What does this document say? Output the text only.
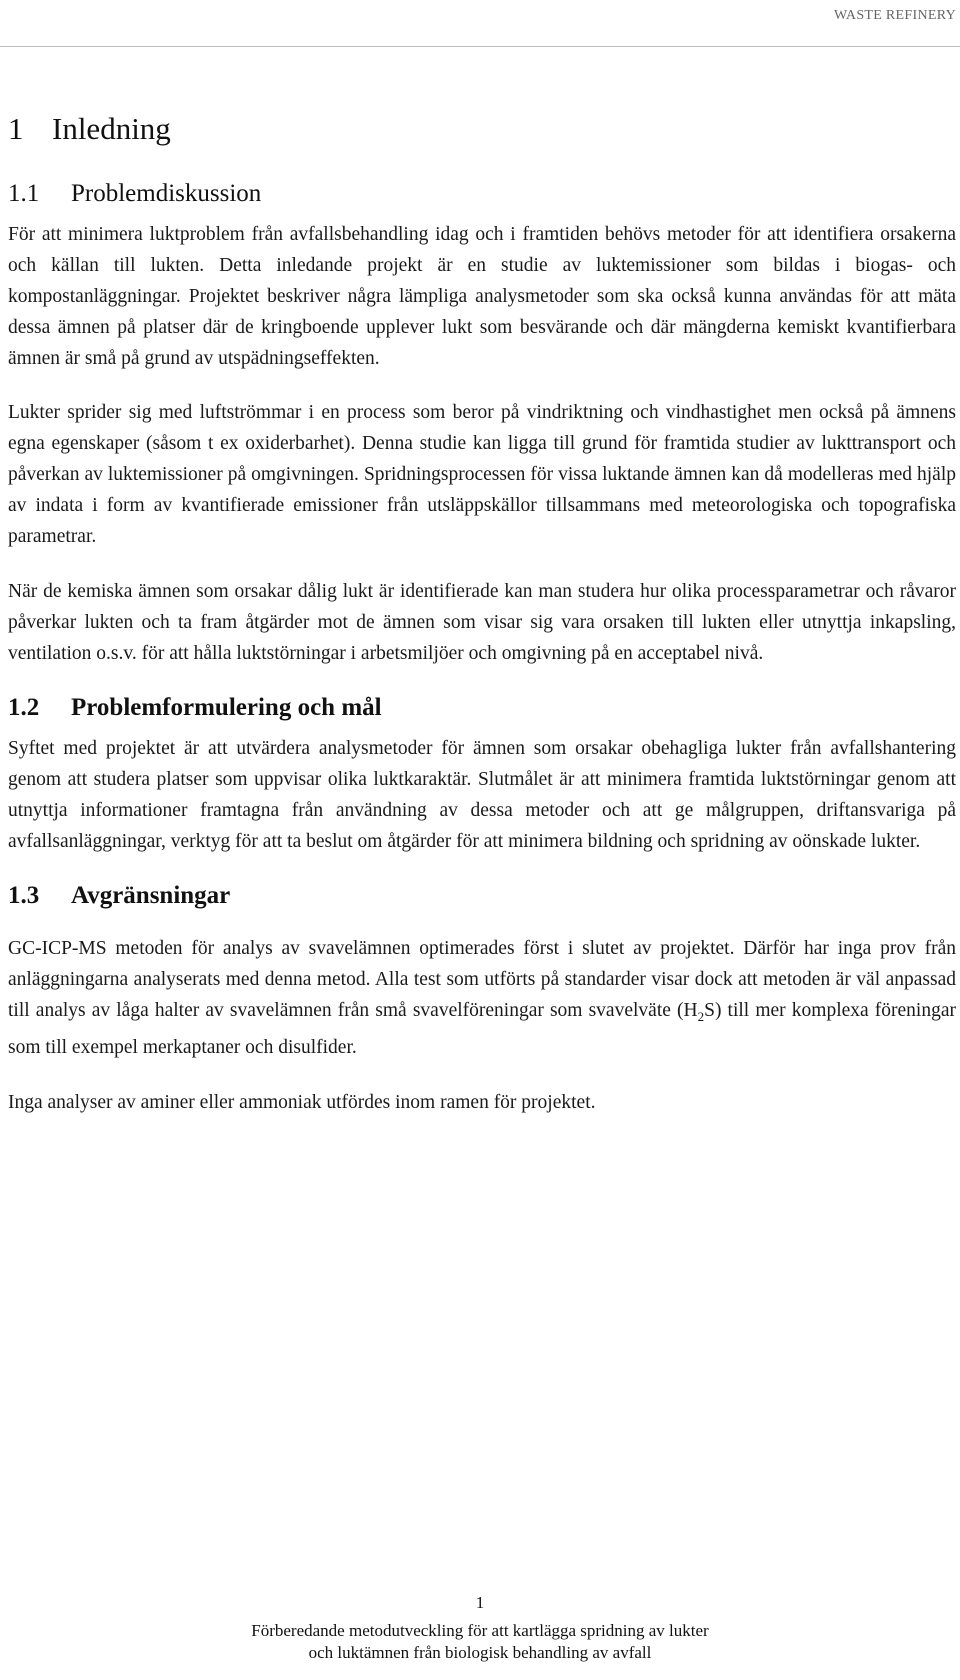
WASTE REFINERY
1 Inledning
1.1 Problemdiskussion

För att minimera luktproblem från avfallsbehandling idag och i framtiden behövs metoder för att identifiera orsakerna och källan till lukten. Detta inledande projekt är en studie av luktemissioner som bildas i biogas- och kompostanläggningar. Projektet beskriver några lämpliga analysmetoder som ska också kunna användas för att mäta dessa ämnen på platser där de kringboende upplever lukt som besvärande och där mängderna kemiskt kvantifierbara ämnen är små på grund av utspädningseffekten.

Lukter sprider sig med luftströmmar i en process som beror på vindriktning och vindhastighet men också på ämnens egna egenskaper (såsom t ex oxiderbarhet). Denna studie kan ligga till grund för framtida studier av lukttransport och påverkan av luktemissioner på omgivningen. Spridningsprocessen för vissa luktande ämnen kan då modelleras med hjälp av indata i form av kvantifierade emissioner från utsläppskällor tillsammans med meteorologiska och topografiska parametrar.

När de kemiska ämnen som orsakar dålig lukt är identifierade kan man studera hur olika processparametrar och råvaror påverkar lukten och ta fram åtgärder mot de ämnen som visar sig vara orsaken till lukten eller utnyttja inkapsling, ventilation o.s.v. för att hålla luktstörningar i arbetsmiljöer och omgivning på en acceptabel nivå.

1.2 Problemformulering och mål

Syftet med projektet är att utvärdera analysmetoder för ämnen som orsakar obehagliga lukter från avfallshantering genom att studera platser som uppvisar olika luktkaraktär. Slutmålet är att minimera framtida luktstörningar genom att utnyttja informationer framtagna från användning av dessa metoder och att ge målgruppen, driftansvariga på avfallsanläggningar, verktyg för att ta beslut om åtgärder för att minimera bildning och spridning av oönskade lukter.

1.3 Avgränsningar

GC-ICP-MS metoden för analys av svavelämnen optimerades först i slutet av projektet. Därför har inga prov från anläggningarna analyserats med denna metod. Alla test som utförts på standarder visar dock att metoden är väl anpassad till analys av låga halter av svavelämnen från små svavelföreningar som svavelväte $(H_2S)$ till mer komplexa föreningar som till exempel merkaptaner och disulfider.

Inga analyser av aminer eller ammoniak utfördes inom ramen för projektet.

1
Förberedande metodutveckling för att kartlägga spridning av lukter
och luktämnen från biologisk behandling av avfall
